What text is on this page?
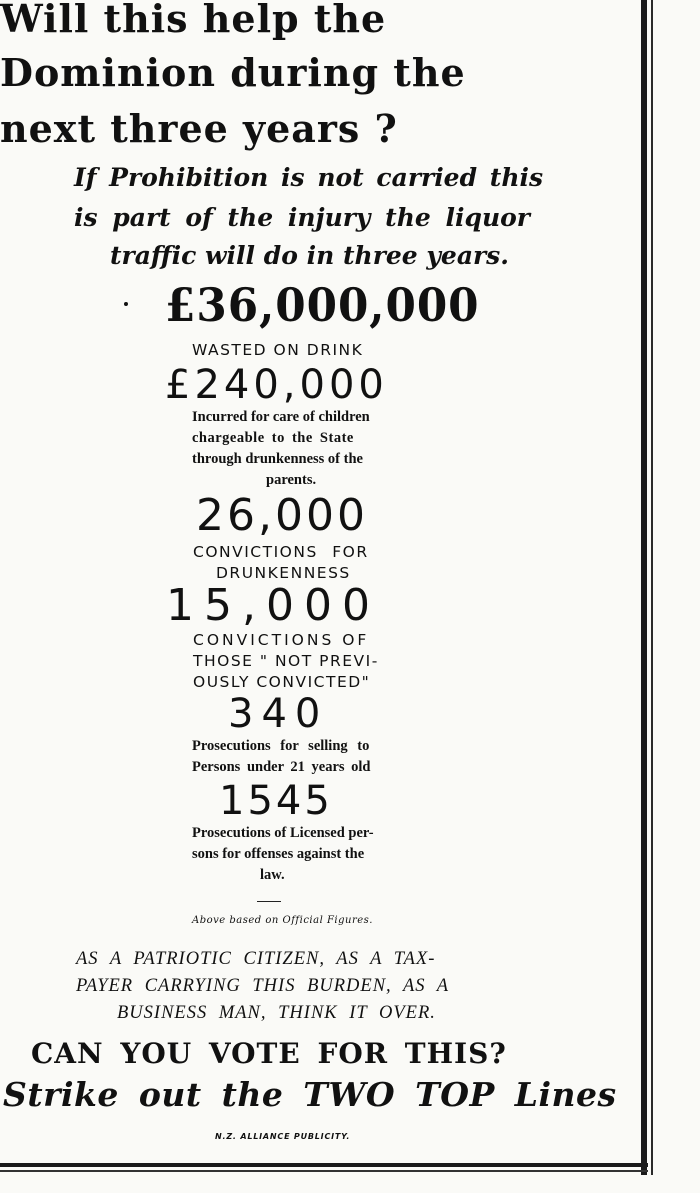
Will this help the
Dominion during the
next three years ?

If Prohibition is not carried this

is part of the injury the liquor

traffic will do in three years.

£36,000,000
WASTED ON DRINK
£240,000
Incurred for care of children
chargeable to the State
through drunkenness of the
parents.
26,000
CONVICTIONS FOR
DRUNKENNESS
15,000
CONVICTIONS OF
THOSE " NOT PREVI-
OUSLY CONVICTED"
340
Prosecutions for selling to
Persons under 21 years old
1545
Prosecutions of Licensed per-
sons for offenses against the
law.
Above based on Official Figures.
AS A PATRIOTIC CITIZEN, AS A TAX-
PAYER CARRYING THIS BURDEN, AS A
BUSINESS MAN, THINK IT OVER.
CAN YOU VOTE FOR THIS?
Strike out the TWO TOP Lines
N.Z. ALLIANCE PUBLICITY.
